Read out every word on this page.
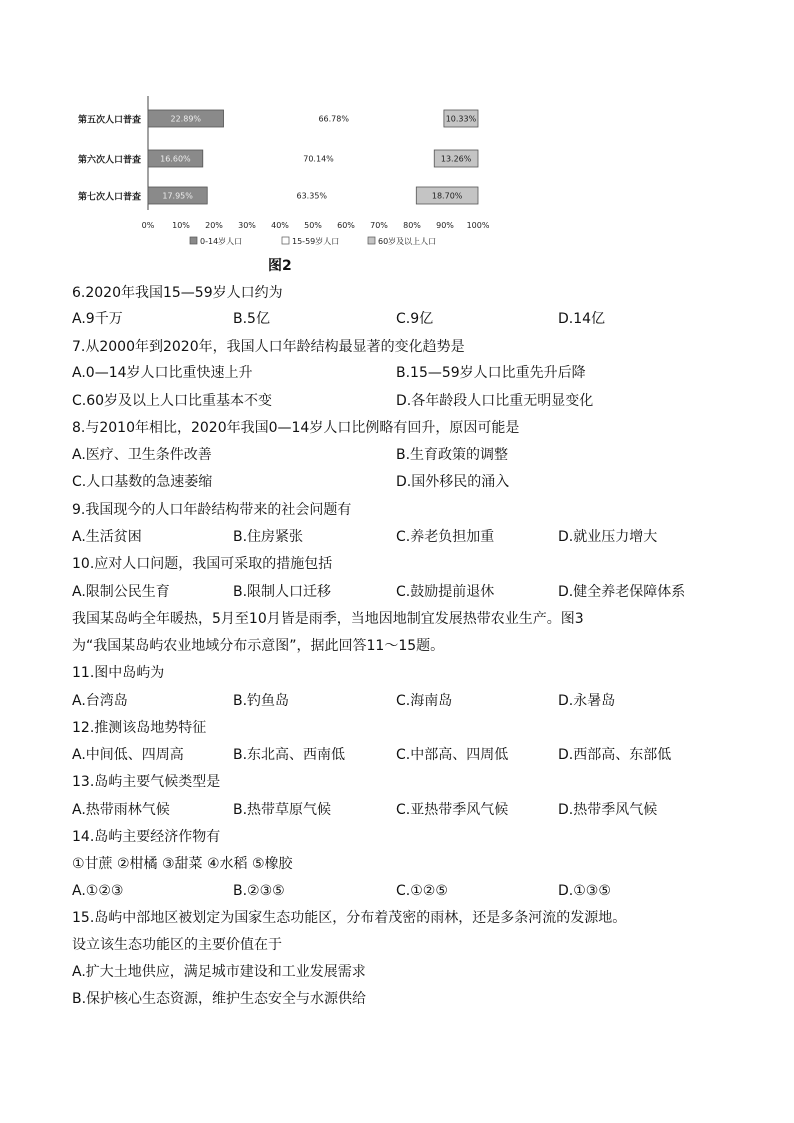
第五次人口普查	22.89%	66.78%	10.33%
第六次人口普查 16.60%	70.14%	13.26%
第七次人口普查	17.95%	63.35%	18.70%
0% 10% 20% 30% 40% 50% 60% 70% 80% 90% 100%
0-14岁人口	15-59岁人口	60岁及以上人口
图2
6.2020年我国15—59岁人口约为
A.9千万	B.5亿	C.9亿	D.14亿
7.从2000年到2020年，我国人口年龄结构最显著的变化趋势是
A.0—14岁人口比重快速上升	B.15—59岁人口比重先升后降
C.60岁及以上人口比重基本不变	D.各年龄段人口比重无明显变化
8.与2010年相比，2020年我国0—14岁人口比例略有回升，原因可能是
A.医疗、卫生条件改善	B.生育政策的调整
C.人口基数的急速萎缩	D.国外移民的涌入
9.我国现今的人口年龄结构带来的社会问题有
A.生活贫困	B.住房紧张	C.养老负担加重	D.就业压力增大
10.应对人口问题，我国可采取的措施包括
A.限制公民生育	B.限制人口迁移	C.鼓励提前退休	D.健全养老保障体系
我国某岛屿全年暖热，5月至10月皆是雨季，当地因地制宜发展热带农业生产。图3
为“我国某岛屿农业地域分布示意图”，据此回答11～15题。
11.图中岛屿为
A.台湾岛	B.钓鱼岛	C.海南岛	D.永暑岛
12.推测该岛地势特征
A.中间低、四周高	B.东北高、西南低	C.中部高、四周低	D.西部高、东部低
13.岛屿主要气候类型是
A.热带雨林气候	B.热带草原气候	C.亚热带季风气候	D.热带季风气候
14.岛屿主要经济作物有
①甘蔗 ②柑橘 ③甜菜 ④水稻 ⑤橡胶
A.①②③	B.②③⑤	C.①②⑤	D.①③⑤
15.岛屿中部地区被划定为国家生态功能区，分布着茂密的雨林，还是多条河流的发源地。
设立该生态功能区的主要价值在于
A.扩大土地供应，满足城市建设和工业发展需求
B.保护核心生态资源，维护生态安全与水源供给
